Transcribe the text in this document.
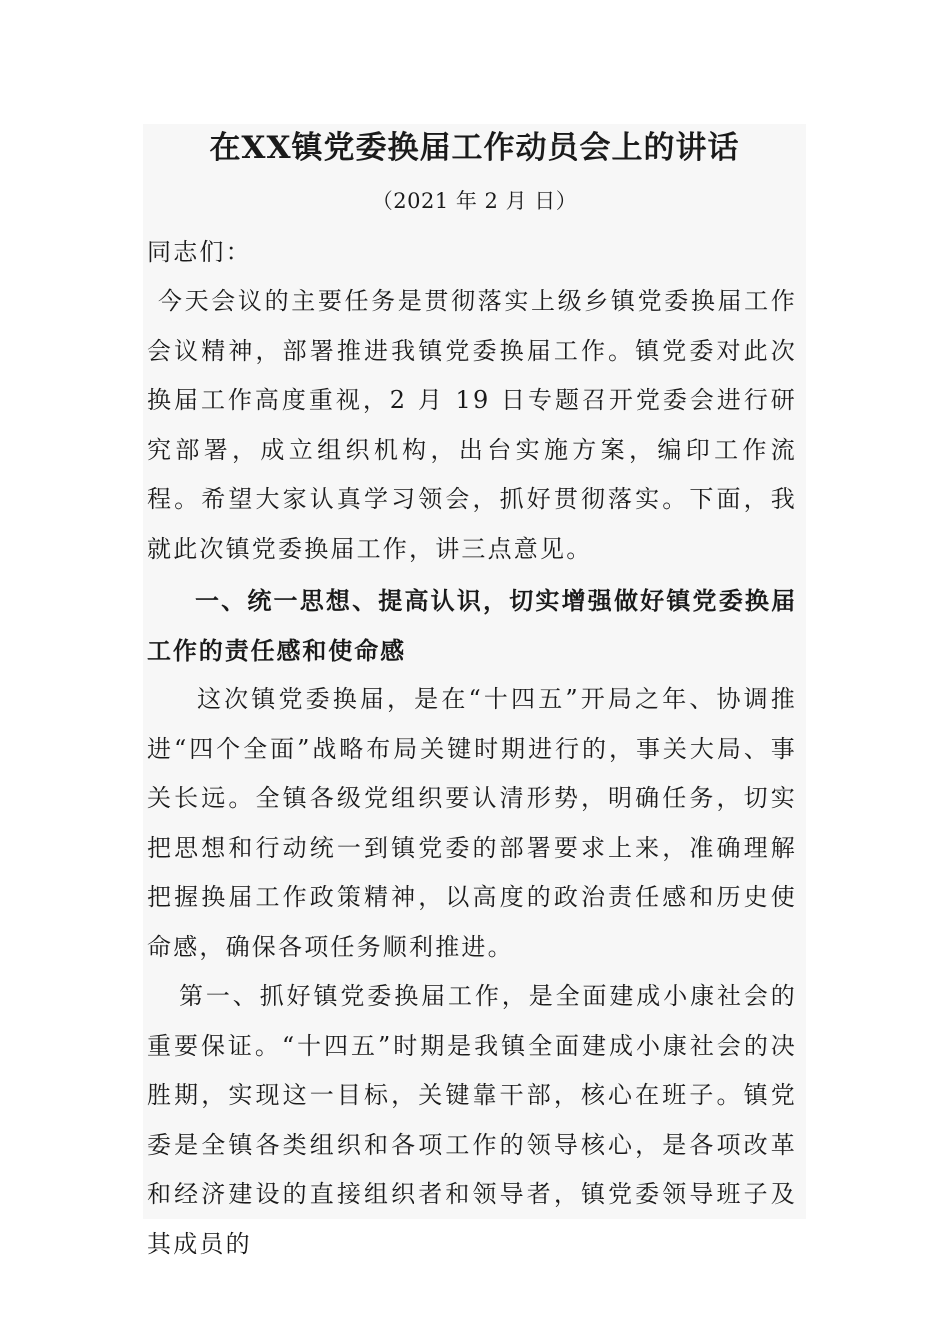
在XX镇党委换届工作动员会上的讲话
（2021 年 2 月 日）

同志们：

今天会议的主要任务是贯彻落实上级乡镇党委换届工作会议精神，部署推进我镇党委换届工作。镇党委对此次换届工作高度重视，2 月 19 日专题召开党委会进行研究部署，成立组织机构，出台实施方案，编印工作流程。希望大家认真学习领会，抓好贯彻落实。下面，我就此次镇党委换届工作，讲三点意见。

一、统一思想、提高认识，切实增强做好镇党委换届工作的责任感和使命感

这次镇党委换届，是在“十四五”开局之年、协调推进“四个全面”战略布局关键时期进行的，事关大局、事关长远。全镇各级党组织要认清形势，明确任务，切实把思想和行动统一到镇党委的部署要求上来，准确理解把握换届工作政策精神，以高度的政治责任感和历史使命感，确保各项任务顺利推进。

第一、抓好镇党委换届工作，是全面建成小康社会的重要保证。“十四五”时期是我镇全面建成小康社会的决胜期，实现这一目标，关键靠干部，核心在班子。镇党委是全镇各类组织和各项工作的领导核心，是各项改革和经济建设的直接组织者和领导者，镇党委领导班子及其成员的
